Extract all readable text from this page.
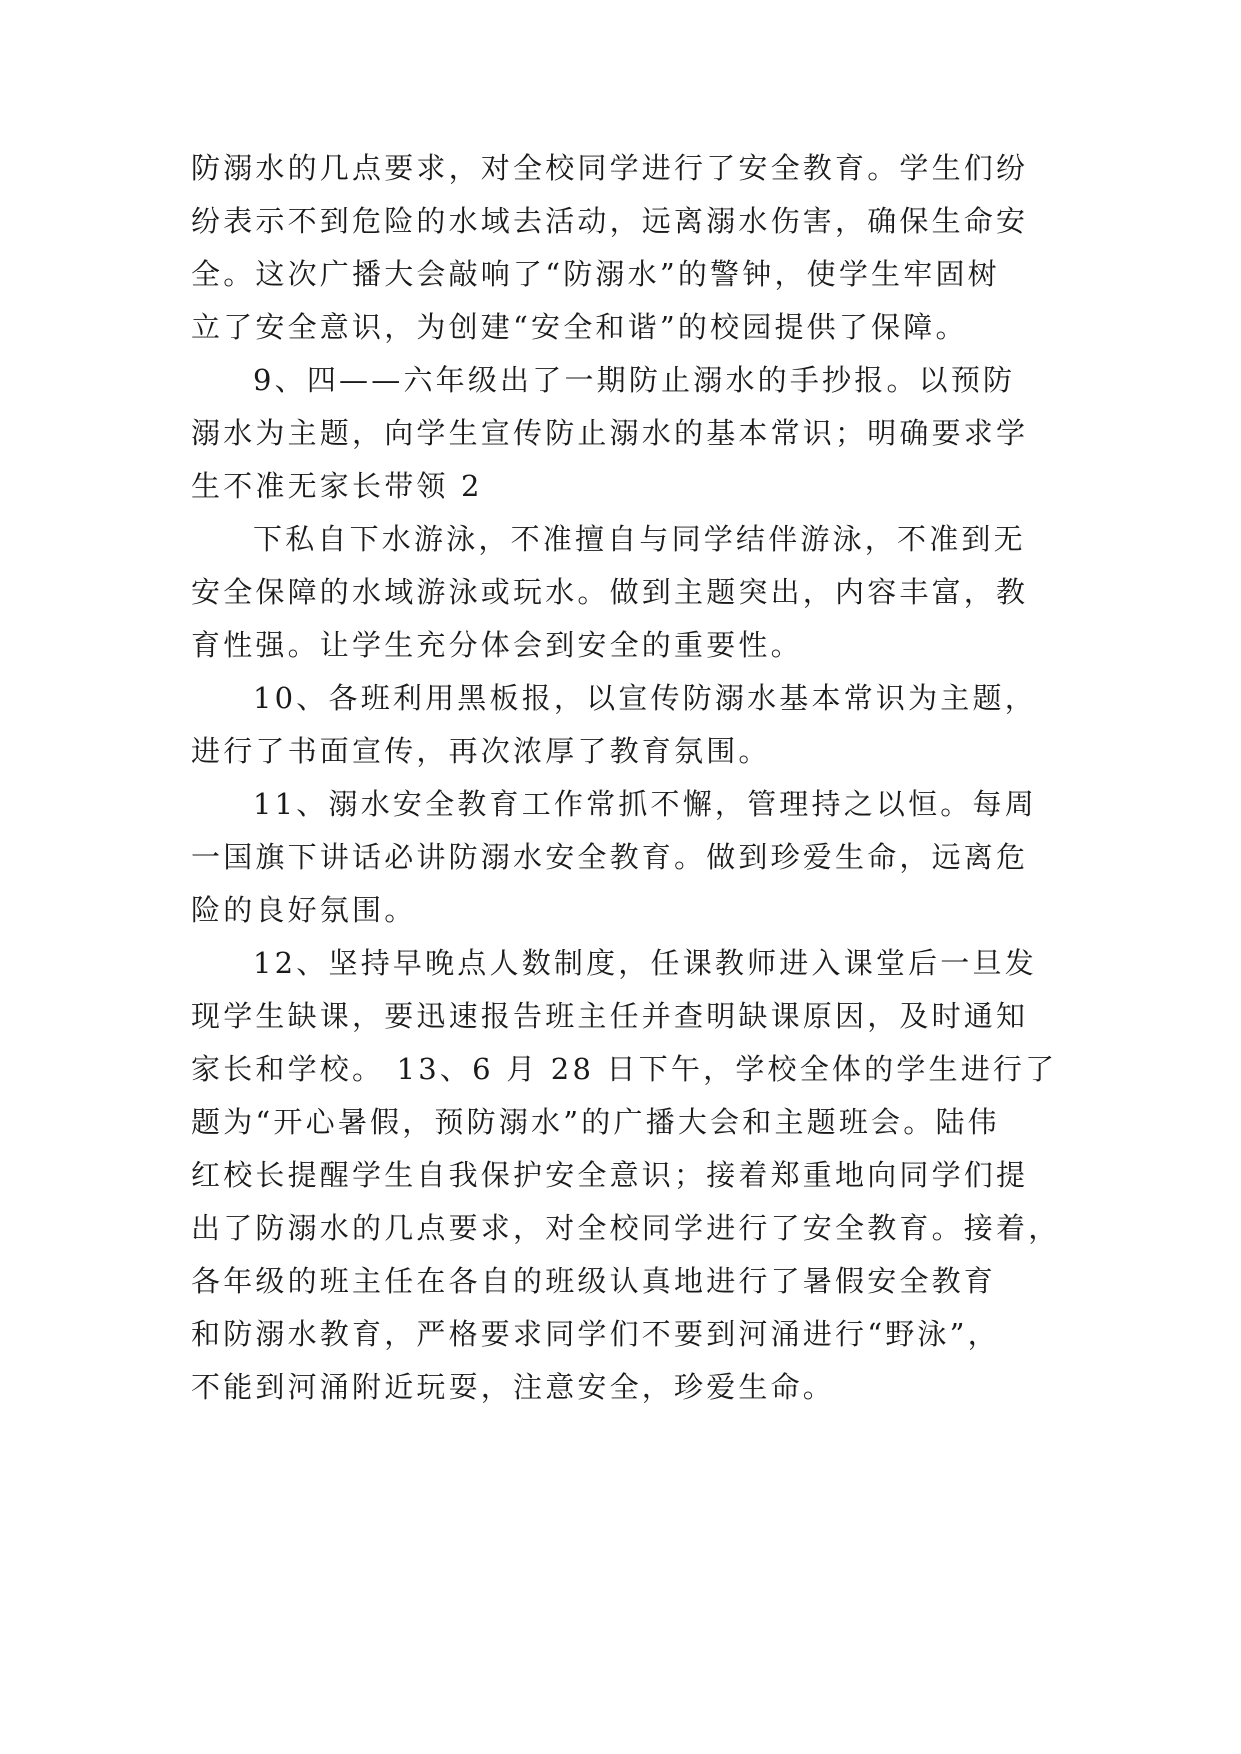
防溺水的几点要求，对全校同学进行了安全教育。学生们纷
纷表示不到危险的水域去活动，远离溺水伤害，确保生命安
全。这次广播大会敲响了“防溺水”的警钟，使学生牢固树
立了安全意识，为创建“安全和谐”的校园提供了保障。
9、四——六年级出了一期防止溺水的手抄报。以预防
溺水为主题，向学生宣传防止溺水的基本常识；明确要求学
生不准无家长带领 2
下私自下水游泳，不准擅自与同学结伴游泳，不准到无
安全保障的水域游泳或玩水。做到主题突出，内容丰富，教
育性强。让学生充分体会到安全的重要性。
10、各班利用黑板报，以宣传防溺水基本常识为主题，
进行了书面宣传，再次浓厚了教育氛围。
11、溺水安全教育工作常抓不懈，管理持之以恒。每周
一国旗下讲话必讲防溺水安全教育。做到珍爱生命，远离危
险的良好氛围。
12、坚持早晚点人数制度，任课教师进入课堂后一旦发
现学生缺课，要迅速报告班主任并查明缺课原因，及时通知
家长和学校。 13、6 月 28 日下午，学校全体的学生进行了
题为“开心暑假，预防溺水”的广播大会和主题班会。陆伟
红校长提醒学生自我保护安全意识；接着郑重地向同学们提
出了防溺水的几点要求，对全校同学进行了安全教育。接着，
各年级的班主任在各自的班级认真地进行了暑假安全教育
和防溺水教育，严格要求同学们不要到河涌进行“野泳”，
不能到河涌附近玩耍，注意安全，珍爱生命。
